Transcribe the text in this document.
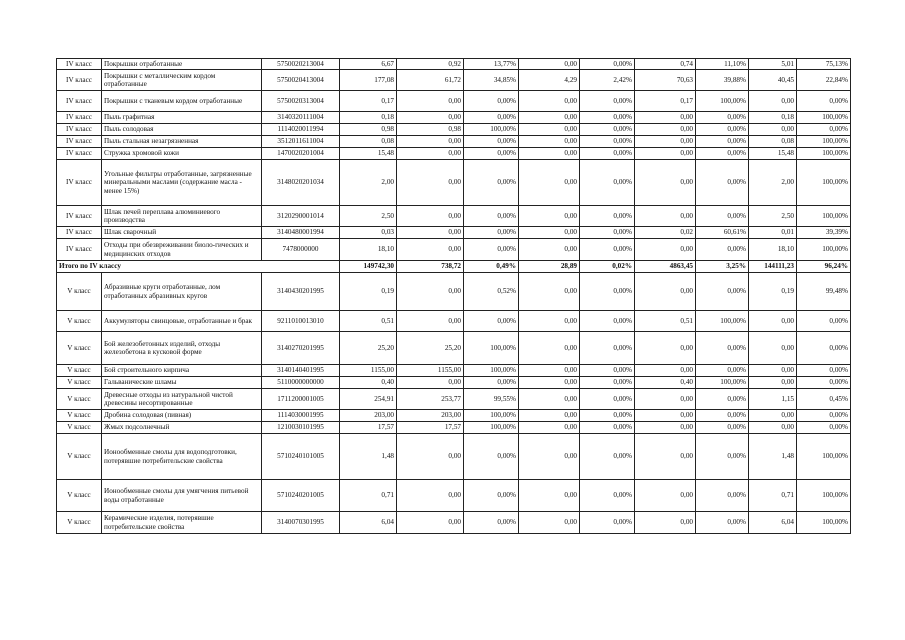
IV класс	Покрышки отработанные	5750020213004	6,67	0,92	13,77%	0,00	0,00%	0,74	11,10%	5,01	75,13%
IV класс	Покрышки с металлическим кордом отработанные	5750020413004	177,08	61,72	34,85%	4,29	2,42%	70,63	39,88%	40,45	22,84%
IV класс	Покрышки с тканевым кордом отработанные	5750020313004	0,17	0,00	0,00%	0,00	0,00%	0,17	100,00%	0,00	0,00%
IV класс	Пыль графитная	3140320111004	0,18	0,00	0,00%	0,00	0,00%	0,00	0,00%	0,18	100,00%
IV класс	Пыль солодовая	1114020011994	0,98	0,98	100,00%	0,00	0,00%	0,00	0,00%	0,00	0,00%
IV класс	Пыль стальная незагрязненная	3512011611004	0,08	0,00	0,00%	0,00	0,00%	0,00	0,00%	0,08	100,00%
IV класс	Стружка хромовой кожи	1470020201004	15,48	0,00	0,00%	0,00	0,00%	0,00	0,00%	15,48	100,00%
IV класс	Угольные фильтры отработанные, загрязненные минеральными маслами (содержание масла - менее 15%)	3148020201034	2,00	0,00	0,00%	0,00	0,00%	0,00	0,00%	2,00	100,00%
IV класс	Шлак печей переплава алюминиевого производства	3120290001014	2,50	0,00	0,00%	0,00	0,00%	0,00	0,00%	2,50	100,00%
IV класс	Шлак сварочный	3140480001994	0,03	0,00	0,00%	0,00	0,00%	0,02	60,61%	0,01	39,39%
IV класс	Отходы при обезвреживании биоло-гических и медицинских отходов	7478000000	18,10	0,00	0,00%	0,00	0,00%	0,00	0,00%	18,10	100,00%
Итого по IV классу			149742,30	738,72	0,49%	28,89	0,02%	4863,45	3,25%	144111,23	96,24%
V класс	Абразивные круги отработанные, лом отработанных абразивных кругов	3140430201995	0,19	0,00	0,52%	0,00	0,00%	0,00	0,00%	0,19	99,48%
V класс	Аккумуляторы свинцовые, отработанные и брак	9211010013010	0,51	0,00	0,00%	0,00	0,00%	0,51	100,00%	0,00	0,00%
V класс	Бой железобетонных изделий, отходы железобетона в кусковой форме	3140270201995	25,20	25,20	100,00%	0,00	0,00%	0,00	0,00%	0,00	0,00%
V класс	Бой строительного кирпича	3140140401995	1155,00	1155,00	100,00%	0,00	0,00%	0,00	0,00%	0,00	0,00%
V класс	Гальванические шламы	5110000000000	0,40	0,00	0,00%	0,00	0,00%	0,40	100,00%	0,00	0,00%
V класс	Древесные отходы из натуральной чистой древесины несортированные	1711200001005	254,91	253,77	99,55%	0,00	0,00%	0,00	0,00%	1,15	0,45%
V класс	Дробина солодовая (пивная)	1114030001995	203,00	203,00	100,00%	0,00	0,00%	0,00	0,00%	0,00	0,00%
V класс	Жмых подсолнечный	1210030101995	17,57	17,57	100,00%	0,00	0,00%	0,00	0,00%	0,00	0,00%
V класс	Ионообменные смолы для водоподготовки, потерявшие потребительские свойства	5710240101005	1,48	0,00	0,00%	0,00	0,00%	0,00	0,00%	1,48	100,00%
V класс	Ионообменные смолы для умягчения питьевой воды отработанные	5710240201005	0,71	0,00	0,00%	0,00	0,00%	0,00	0,00%	0,71	100,00%
V класс	Керамические изделия, потерявшие потребительские свойства	3140070301995	6,04	0,00	0,00%	0,00	0,00%	0,00	0,00%	6,04	100,00%
